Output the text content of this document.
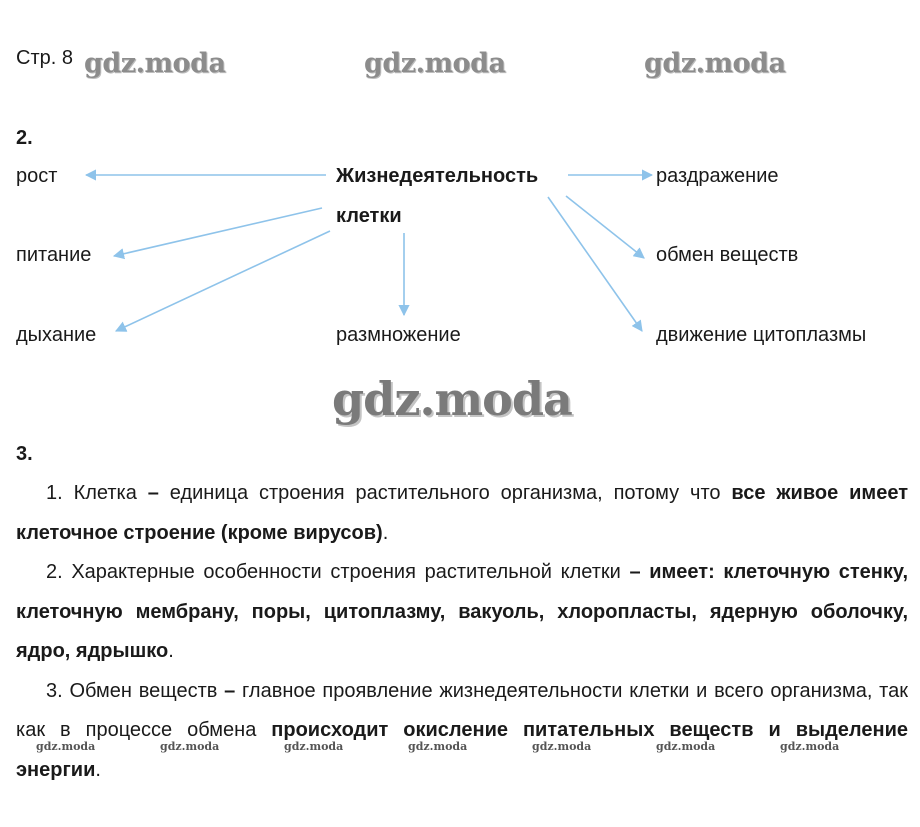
Стр. 8 gdz.moda	gdz.moda	gdz.moda
2.
Жизнедеятельность
клетки
рост
питание
дыхание	размножение
раздражение
обмен веществ
движение цитоплазмы
gdz.moda
3.

1. Клетка – единица строения растительного организма, потому что все живое имеет клеточное строение (кроме вирусов).

2. Характерные особенности строения растительной клетки – имеет: клеточную стенку, клеточную мембрану, поры, цитоплазму, вакуоль, хлоропласты, ядерную оболочку, ядро, ядрышко.

3. Обмен веществ – главное проявление жизнедеятельности клетки и всего организма, так как в процессе обмена происходит окисление питательных веществ и выделение энергии.

gdz.moda	gdz.moda	gdz.moda	gdz.moda	gdz.moda	gdz.moda	gdz.moda
